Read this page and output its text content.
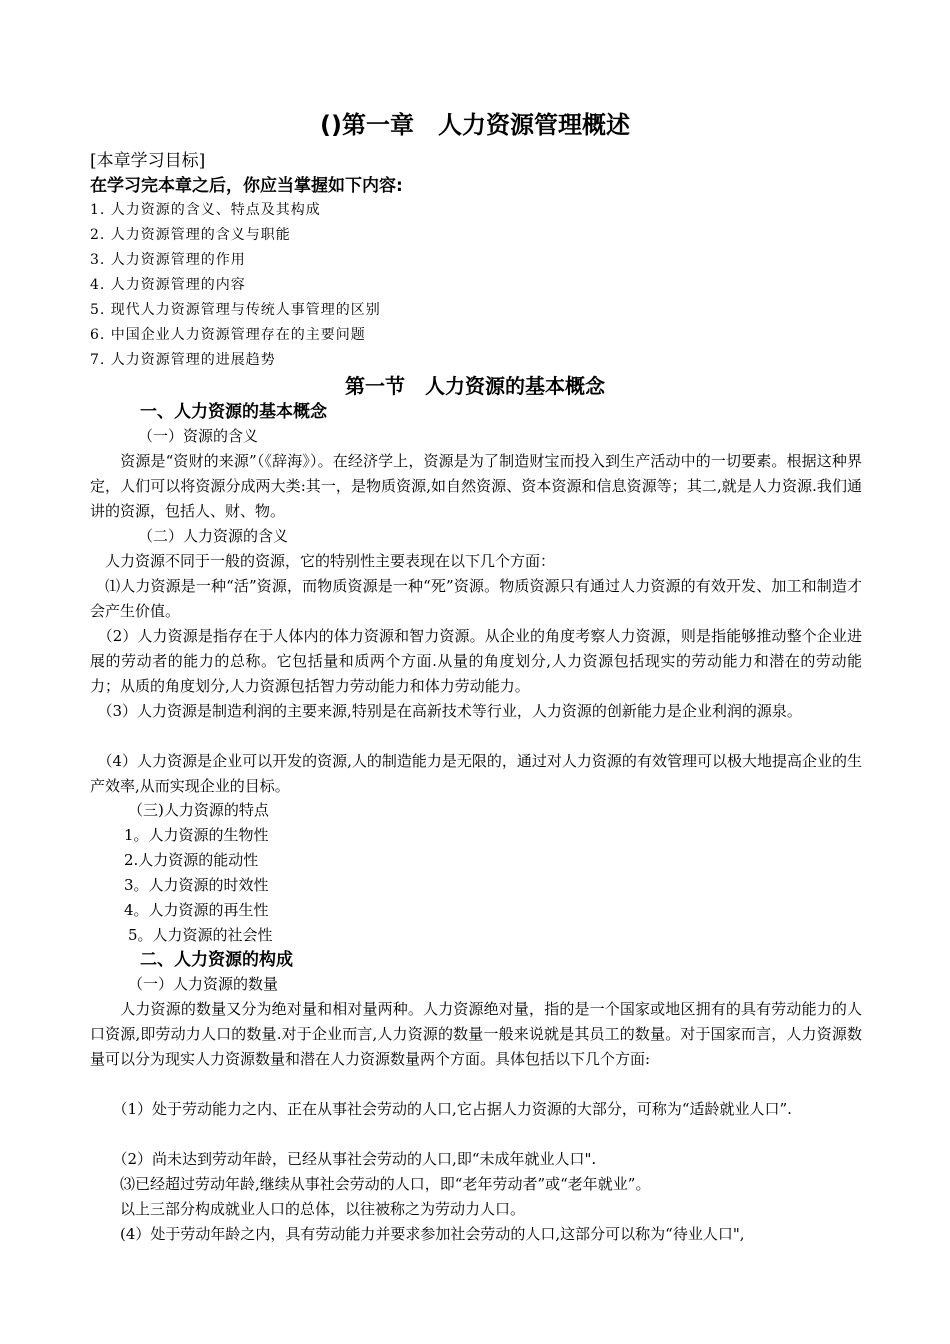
()第一章　人力资源管理概述
[本章学习目标]
在学习完本章之后，你应当掌握如下内容:
1. 人力资源的含义、特点及其构成
2. 人力资源管理的含义与职能
3. 人力资源管理的作用
4. 人力资源管理的内容
5. 现代人力资源管理与传统人事管理的区别
6. 中国企业人力资源管理存在的主要问题
7. 人力资源管理的进展趋势
第一节　人力资源的基本概念
一、人力资源的基本概念
（一）资源的含义
　　资源是“资财的来源”（《辞海》）。在经济学上，资源是为了制造财宝而投入到生产活动中的一切要素。根据这种界定，人们可以将资源分成两大类:其一，是物质资源,如自然资源、资本资源和信息资源等；其二,就是人力资源.我们通讲的资源，包括人、财、物。
（二）人力资源的含义
　人力资源不同于一般的资源，它的特别性主要表现在以下几个方面：
　⑴人力资源是一种“活”资源，而物质资源是一种“死”资源。物质资源只有通过人力资源的有效开发、加工和制造才会产生价值。
　（2）人力资源是指存在于人体内的体力资源和智力资源。从企业的角度考察人力资源，则是指能够推动整个企业进展的劳动者的能力的总称。它包括量和质两个方面.从量的角度划分,人力资源包括现实的劳动能力和潜在的劳动能力；从质的角度划分,人力资源包括智力劳动能力和体力劳动能力。
　（3）人力资源是制造利润的主要来源,特别是在高新技术等行业，人力资源的创新能力是企业利润的源泉。
　（4）人力资源是企业可以开发的资源,人的制造能力是无限的，通过对人力资源的有效管理可以极大地提高企业的生产效率,从而实现企业的目标。
（三)人力资源的特点
1。人力资源的生物性
2.人力资源的能动性
3。人力资源的时效性
4。人力资源的再生性
5。人力资源的社会性
二、人力资源的构成
（一）人力资源的数量
　　人力资源的数量又分为绝对量和相对量两种。人力资源绝对量，指的是一个国家或地区拥有的具有劳动能力的人口资源,即劳动力人口的数量.对于企业而言,人力资源的数量一般来说就是其员工的数量。对于国家而言，人力资源数量可以分为现实人力资源数量和潜在人力资源数量两个方面。具体包括以下几个方面:
　　（1）处于劳动能力之内、正在从事社会劳动的人口,它占据人力资源的大部分，可称为“适龄就业人口”.
　　（2）尚未达到劳动年龄，已经从事社会劳动的人口,即“未成年就业人口".
　　⑶已经超过劳动年龄,继续从事社会劳动的人口，即“老年劳动者”或“老年就业”。
　　以上三部分构成就业人口的总体，以往被称之为劳动力人口。
　　(4）处于劳动年龄之内，具有劳动能力并要求参加社会劳动的人口,这部分可以称为“待业人口",
